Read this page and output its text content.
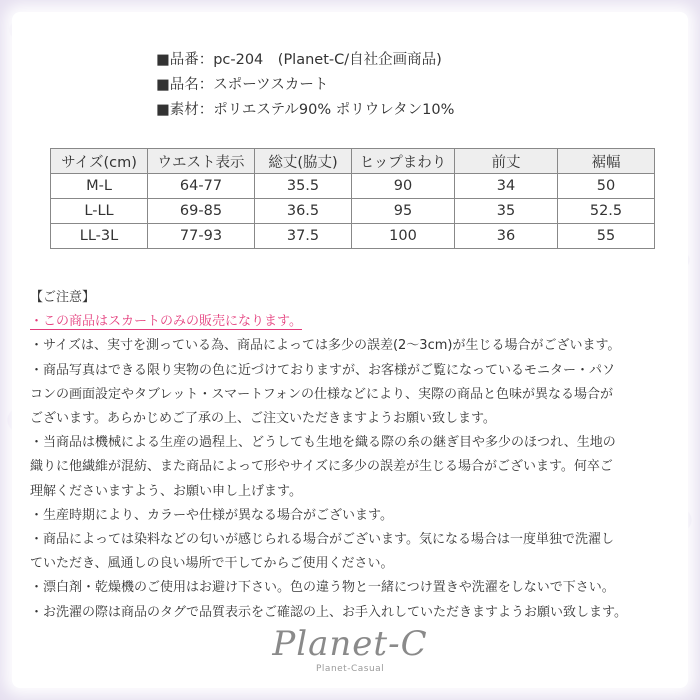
■品番：pc-204　(Planet-C/自社企画商品)
■品名：スポーツスカート
■素材：ポリエステル90% ポリウレタン10%
サイズ(cm)	ウエスト表示	総丈(脇丈)	ヒップまわり	前丈	裾幅
M-L	64-77	35.5	90	34	50
L-LL	69-85	36.5	95	35	52.5
LL-3L	77-93	37.5	100	36	55

【ご注意】

・この商品はスカートのみの販売になります。

・サイズは、実寸を測っている為、商品によっては多少の誤差(2〜3cm)が生じる場合がございます。

・商品写真はできる限り実物の色に近づけておりますが、お客様がご覧になっているモニター・パソ

コンの画面設定やタブレット・スマートフォンの仕様などにより、実際の商品と色味が異なる場合が

ございます。あらかじめご了承の上、ご注文いただきますようお願い致します。

・当商品は機械による生産の過程上、どうしても生地を織る際の糸の継ぎ目や多少のほつれ、生地の

織りに他繊維が混紡、また商品によって形やサイズに多少の誤差が生じる場合がございます。何卒ご

理解くださいますよう、お願い申し上げます。

・生産時期により、カラーや仕様が異なる場合がございます。

・商品によっては染料などの匂いが感じられる場合がございます。気になる場合は一度単独で洗濯し

ていただき、風通しの良い場所で干してからご使用ください。

・漂白剤・乾燥機のご使用はお避け下さい。色の違う物と一緒につけ置きや洗濯をしないで下さい。

・お洗濯の際は商品のタグで品質表示をご確認の上、お手入れしていただきますようお願い致します。

Planet-C
Planet-Casual
